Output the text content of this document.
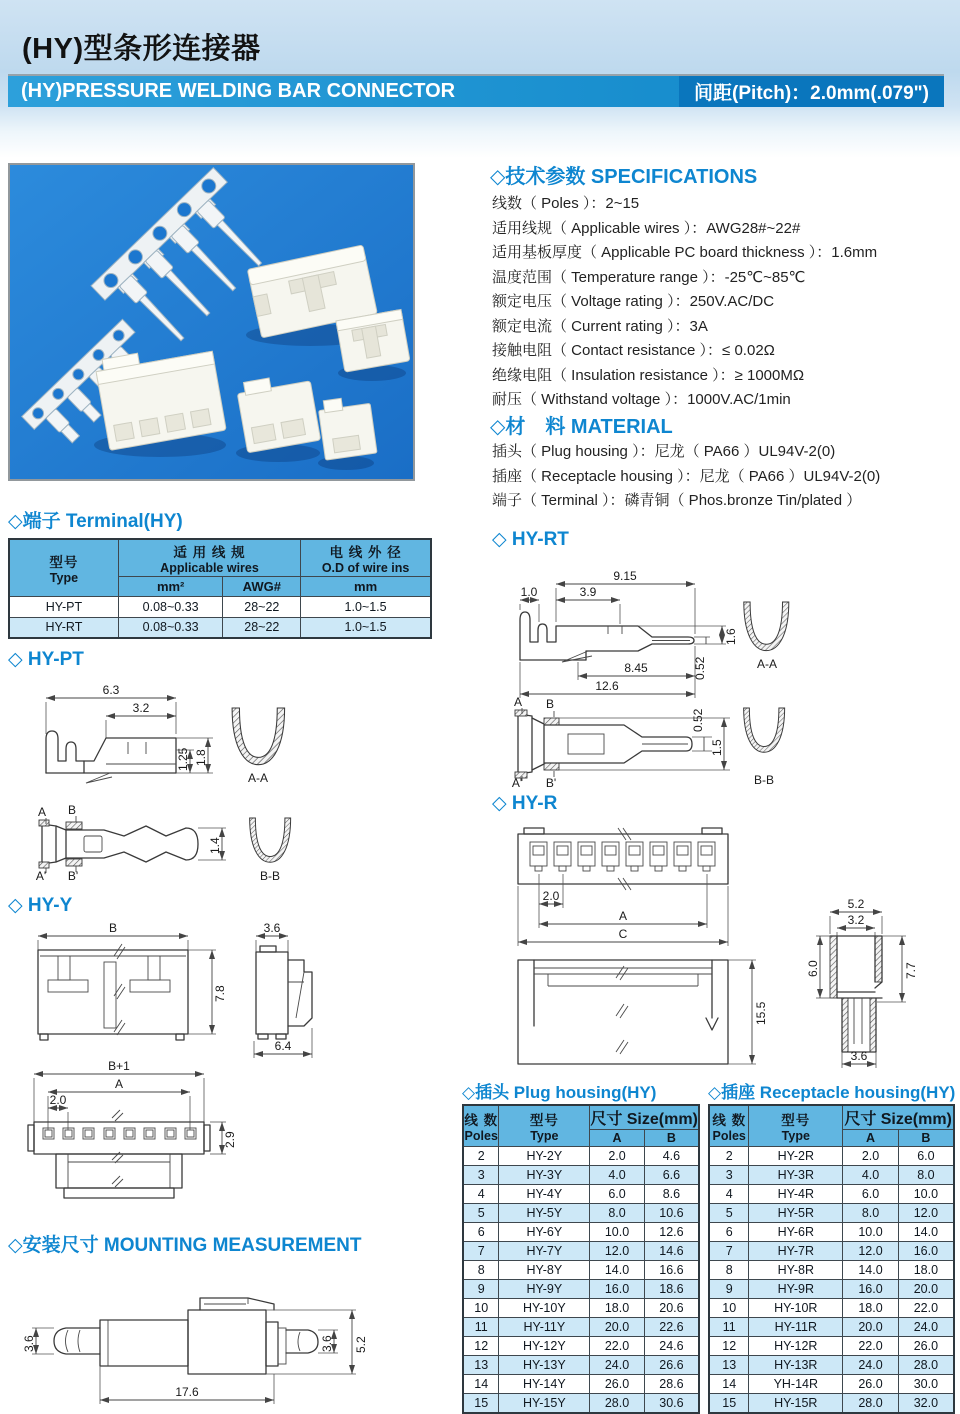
(HY)型条形连接器
(HY)PRESSURE WELDING BAR CONNECTOR	间距(Pitch)：2.0mm(.079")
◇技术参数 SPECIFICATIONS
线数（ Poles ）：2~15
适用线规（ Applicable wires ）：AWG28#~22#
适用基板厚度（ Applicable PC board thickness ）：1.6mm
温度范围（ Temperature range ）：-25℃~85℃
额定电压（ Voltage rating ）：250V.AC/DC
额定电流（ Current rating ）：3A
接触电阻（ Contact resistance ）：≤ 0.02Ω
绝缘电阻（ Insulation resistance ）：≥ 1000MΩ
耐压（ Withstand voltage ）：1000V.AC/1min
◇材　料 MATERIAL
插头（ Plug housing ）：尼龙（ PA66 ）UL94V-2(0)
插座（ Receptacle housing ）：尼龙（ PA66 ）UL94V-2(0)
端子（ Terminal ）：磷青铜（ Phos.bronze Tin/plated ）
◇端子 Terminal(HY)
型号
Type	适 用 线 规
Applicable wires		电 线 外 径
O.D of wire ins

	mm²	AWG#	mm
HY-PT	0.08~0.33	28~22	1.0~1.5
HY-RT	0.08~0.33	28~22	1.0~1.5
◇ HY-PT
6.3
3.2
1.25 1.8
A-A
A B
A' B'
1.4
B-B
◇ HY-RT
9.15
1.0	3.9
8.45
12.6
1.6
0.52	A-A
A B
A' B'
0.52
1.5
B-B
◇ HY-R
2.0
A
C
15.5
5.2
3.2
3.6
6.0	7.7
◇ HY-Y
B
7.8
3.6
6.4
B+1
A
2.0
2.9
◇安装尺寸 MOUNTING MEASUREMENT
3.6	3.6 5.2
17.6
◇插头 Plug housing(HY)
线 数
Poles	型号
Type	尺寸 Size(mm)	
		A	B
2	HY-2Y	2.0	4.6
3	HY-3Y	4.0	6.6
4	HY-4Y	6.0	8.6
5	HY-5Y	8.0	10.6
6	HY-6Y	10.0	12.6
7	HY-7Y	12.0	14.6
8	HY-8Y	14.0	16.6
9	HY-9Y	16.0	18.6
10	HY-10Y	18.0	20.6
11	HY-11Y	20.0	22.6
12	HY-12Y	22.0	24.6
13	HY-13Y	24.0	26.6
14	HY-14Y	26.0	28.6
15	HY-15Y	28.0	30.6
◇插座 Receptacle housing(HY)
线 数
Poles	型号
Type	尺寸 Size(mm)	
		A	B
2	HY-2R	2.0	6.0
3	HY-3R	4.0	8.0
4	HY-4R	6.0	10.0
5	HY-5R	8.0	12.0
6	HY-6R	10.0	14.0
7	HY-7R	12.0	16.0
8	HY-8R	14.0	18.0
9	HY-9R	16.0	20.0
10	HY-10R	18.0	22.0
11	HY-11R	20.0	24.0
12	HY-12R	22.0	26.0
13	HY-13R	24.0	28.0
14	YH-14R	26.0	30.0
15	HY-15R	28.0	32.0
